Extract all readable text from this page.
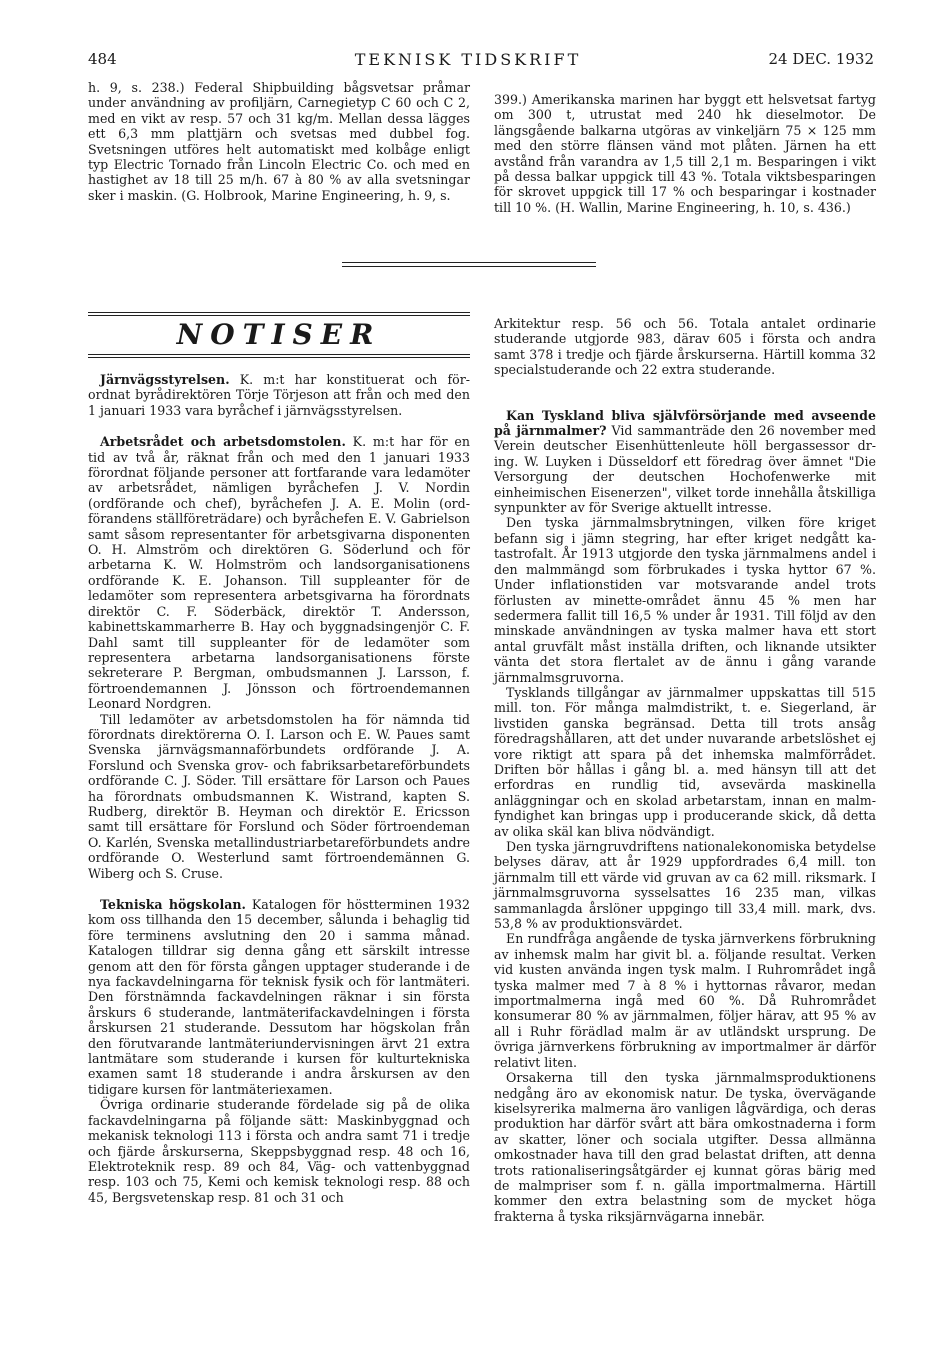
484	TEKNISK TIDSKRIFT	24 DEC. 1932

h. 9, s. 238.) Federal Shipbuilding bågsvetsar pråmar under användning av profiljärn, Carnegietyp C 60 och C 2, med en vikt av resp. 57 och 31 kg/m. Mellan dessa lägges ett 6,3 mm plattjärn och svetsas med dubbel fog. Svetsningen utföres helt automatiskt med kolbåge enligt typ Electric Tornado från Lincoln Electric Co. och med en hastighet av 18 till 25 m/h. 67 à 80 % av alla svetsningar sker i maskin. (G. Holbrook, Marine Engineering, h. 9, s.

399.) Amerikanska marinen har byggt ett helsvetsat fartyg om 300 t, utrustat med 240 hk dieselmotor. De längsgående balkarna utgöras av vinkeljärn 75 × 125 mm med den större flänsen vänd mot plåten. Järnen ha ett avstånd från varandra av 1,5 till 2,1 m. Besparingen i vikt på dessa balkar uppgick till 43 %. Totala viktsbesparingen för skrovet uppgick till 17 % och besparingar i kostnader till 10 %. (H. Wallin, Marine Engineering, h. 10, s. 436.)

NOTISER

Järnvägsstyrelsen. K. m:t har konstituerat och förordnat byrådirektören Törje Törjeson att från och med den 1 januari 1933 vara byråchef i järnvägsstyrelsen.

Arbetsrådet och arbetsdomstolen. K. m:t har för en tid av två år, räknat från och med den 1 januari 1933 förordnat följande personer att fortfarande vara ledamöter av arbetsrådet, nämligen byråchefen J. V. Nordin (ordförande och chef), byråchefen J. A. E. Molin (ordförandens ställföreträdare) och byråchefen E. V. Gabrielson samt såsom representanter för arbetsgivarna disponenten O. H. Almström och direktören G. Söderlund och för arbetarna K. W. Holmström och landsorganisationens ordförande K. E. Johanson. Till suppleanter för de ledamöter som representera arbetsgivarna ha förordnats direktör C. F. Söderbäck, direktör T. Andersson, kabinettskammarherre B. Hay och byggnadsingenjör C. F. Dahl samt till suppleanter för de ledamöter som representera arbetarna landsorganisationens förste sekreterare P. Bergman, ombudsmannen J. Larsson, f. förtroendemannen J. Jönsson och förtroendemannen Leonard Nordgren.

Till ledamöter av arbetsdomstolen ha för nämnda tid förordnats direktörerna O. I. Larson och E. W. Paues samt Svenska järnvägsmannaförbundets ordförande J. A. Forslund och Svenska grov- och fabriksarbetareförbundets ordförande C. J. Söder. Till ersättare för Larson och Paues ha förordnats ombudsmannen K. Wistrand, kapten S. Rudberg, direktör B. Heyman och direktör E. Ericsson samt till ersättare för Forslund och Söder förtroendeman O. Karlén, Svenska metallindustriarbetareförbundets andre ordförande O. Westerlund samt förtroendemännen G. Wiberg och S. Cruse.

Tekniska högskolan. Katalogen för höstterminen 1932 kom oss tillhanda den 15 december, sålunda i behaglig tid före terminens avslutning den 20 i samma månad. Katalogen tilldrar sig denna gång ett särskilt intresse genom att den för första gången upptager studerande i de nya fackavdelningarna för teknisk fysik och för lantmäteri. Den förstnämnda fackavdelningen räknar i sin första årskurs 6 studerande, lantmäterifackavdelningen i första årskursen 21 studerande. Dessutom har högskolan från den förutvarande lantmäteriundervisningen ärvt 21 extra lantmätare som studerande i kursen för kulturtekniska examen samt 18 studerande i andra årskursen av den tidigare kursen för lantmäteriexamen.

Övriga ordinarie studerande fördelade sig på de olika fackavdelningarna på följande sätt: Maskinbyggnad och mekanisk teknologi 113 i första och andra samt 71 i tredje och fjärde årskurserna, Skeppsbyggnad resp. 48 och 16, Elektroteknik resp. 89 och 84, Väg- och vattenbyggnad resp. 103 och 75, Kemi och kemisk teknologi resp. 88 och 45, Bergsvetenskap resp. 81 och 31 och

Arkitektur resp. 56 och 56. Totala antalet ordinarie studerande utgjorde 983, därav 605 i första och andra samt 378 i tredje och fjärde årskurserna. Härtill komma 32 specialstuderande och 22 extra studerande.

Kan Tyskland bliva självförsörjande med avseende på järnmalmer? Vid sammanträde den 26 november med Verein deutscher Eisenhüttenleute höll bergassessor dr-ing. W. Luyken i Düsseldorf ett föredrag över ämnet "Die Versorgung der deutschen Hochofenwerke mit einheimischen Eisenerzen", vilket torde innehålla åtskilliga synpunkter av för Sverige aktuellt intresse.

Den tyska järnmalmsbrytningen, vilken före kriget befann sig i jämn stegring, har efter kriget nedgått katastrofalt. År 1913 utgjorde den tyska järnmalmens andel i den malmmängd som förbrukades i tyska hyttor 67 %. Under inflationstiden var motsvarande andel trots förlusten av minette-området ännu 45 % men har sedermera fallit till 16,5 % under år 1931. Till följd av den minskade användningen av tyska malmer hava ett stort antal gruvfält måst inställa driften, och liknande utsikter vänta det stora flertalet av de ännu i gång varande järnmalmsgruvorna.

Tysklands tillgångar av järnmalmer uppskattas till 515 mill. ton. För många malmdistrikt, t. e. Siegerland, är livstiden ganska begränsad. Detta till trots ansåg föredragshållaren, att det under nuvarande arbetslöshet ej vore riktigt att spara på det inhemska malmförrådet. Driften bör hållas i gång bl. a. med hänsyn till att det erfordras en rundlig tid, avsevärda maskinella anläggningar och en skolad arbetarstam, innan en malmfyndighet kan bringas upp i producerande skick, då detta av olika skäl kan bliva nödvändigt.

Den tyska järngruvdriftens nationalekonomiska betydelse belyses därav, att år 1929 uppfordrades 6,4 mill. ton järnmalm till ett värde vid gruvan av ca 62 mill. riksmark. I järnmalmsgruvorna sysselsattes 16 235 man, vilkas sammanlagda årslöner uppgingo till 33,4 mill. mark, dvs. 53,8 % av produktionsvärdet.

En rundfråga angående de tyska järnverkens förbrukning av inhemsk malm har givit bl. a. följande resultat. Verken vid kusten använda ingen tysk malm. I Ruhrområdet ingå tyska malmer med 7 à 8 % i hyttornas råvaror, medan importmalmerna ingå med 60 %. Då Ruhrområdet konsumerar 80 % av järnmalmen, följer härav, att 95 % av all i Ruhr förädlad malm är av utländskt ursprung. De övriga järnverkens förbrukning av importmalmer är därför relativt liten.

Orsakerna till den tyska järnmalmsproduktionens nedgång äro av ekonomisk natur. De tyska, övervägande kiselsyrerika malmerna äro vanligen lågvärdiga, och deras produktion har därför svårt att bära omkostnaderna i form av skatter, löner och sociala utgifter. Dessa allmänna omkostnader hava till den grad belastat driften, att denna trots rationaliseringsåtgärder ej kunnat göras bärig med de malmpriser som f. n. gälla importmalmerna. Härtill kommer den extra belastning som de mycket höga frakterna å tyska riksjärnvägarna innebär.
